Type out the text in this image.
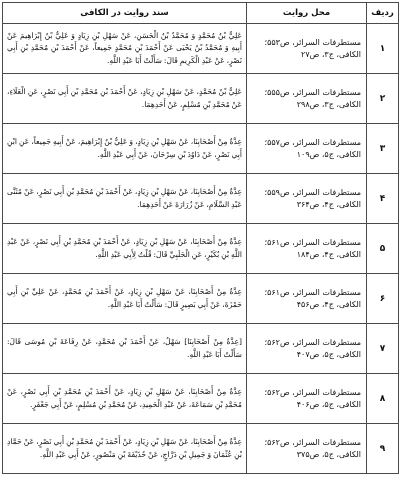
ردیف	محل روایت	سند روایت در الکافی
۱	مستطرفات السرائر، ص۵۵۳؛
الکافی، ج۳، ص۲۷	عَلِيُّ بْنُ مُحَمَّدٍ وَ مُحَمَّدُ بْنُ الْحَسَنِ، عَنْ سَهْلِ بْنِ زِيَادٍ وَ عَلِيُّ بْنُ إِبْرَاهِيمَ عَنْ أَبِيهِ وَ مُحَمَّدُ بْنُ يَحْيَى عَنْ أَحْمَدَ بْنِ مُحَمَّدٍ جَمِيعاً، عَنْ أَحْمَدَ بْنِ مُحَمَّدِ بْنِ أَبِي نَصْرٍ، عَنْ عَبْدِ الْكَرِيمِ قَالَ: سَأَلْتُ أَبَا عَبْدِ اللَّهِ.
۲	مستطرفات السرائر، ص۵۵۵؛
الکافی، ج۳، ص۲۹۸	عَلِيُّ بْنُ مُحَمَّدٍ، عَنْ سَهْلِ بْنِ زِيَادٍ، عَنْ أَحْمَدَ بْنِ مُحَمَّدِ بْنِ أَبِي نَصْرٍ، عَنِ الْعَلَاءِ، عَنْ مُحَمَّدِ بْنِ مُسْلِمٍ، عَنْ أَحَدِهِمَا.
۳	مستطرفات السرائر، ص۵۵۷؛
الکافی، ج۵، ص۱۰۹	عِدَّةٌ مِنْ أَصْحَابِنَا، عَنْ سَهْلِ بْنِ زِيَادٍ، وَ عَلِيُّ بْنُ إِبْرَاهِيمَ، عَنْ أَبِيهِ جَمِيعاً، عَنِ ابْنِ أَبِي نَصْرٍ، عَنْ دَاوُدَ بْنِ سِرْحَانَ، عَنْ أَبِي عَبْدِ اللَّهِ.
۴	مستطرفات السرائر، ص۵۵۹؛
الکافی، ج۴، ص۳۶۴	عِدَّةٌ مِنْ أَصْحَابِنَا، عَنْ سَهْلِ بْنِ زِيَادٍ، عَنْ أَحْمَدَ بْنِ مُحَمَّدِ بْنِ أَبِي نَصْرٍ، عَنْ مُثَنَّى عَبْدِ السَّلَامِ، عَنْ زُرَارَةَ عَنْ أَحَدِهِمَا.
۵	مستطرفات السرائر، ص۵۶۱؛
الکافی، ج۴، ص۱۸۴	عِدَّةٌ مِنْ أَصْحَابِنَا، عَنْ سَهْلِ بْنِ زِيَادٍ، عَنْ أَحْمَدَ بْنِ مُحَمَّدِ بْنِ أَبِي نَصْرٍ، عَنْ عَبْدِ اللَّهِ بْنِ بُكَيْرٍ، عَنِ الْحَلَبِيِّ قَالَ: قُلْتُ لِأَبِي عَبْدِ اللَّهِ.
۶	مستطرفات السرائر، ص۵۶۱؛
الکافی، ج۴، ص۴۵۶	عِدَّةٌ مِنْ أَصْحَابِنَا، عَنْ سَهْلِ بْنِ زِيَادٍ، عَنْ أَحْمَدَ بْنِ مُحَمَّدٍ، عَنْ عَلِيِّ بْنِ أَبِي حَمْزَةَ، عَنْ أَبِي بَصِيرٍ قَالَ: سَأَلْتُ أَبَا عَبْدِ اللَّهِ.
۷	مستطرفات السرائر، ص۵۶۲؛
الکافی، ج۵، ص۴۰۷	[عِدَّةٌ مِنْ أَصْحَابِنَا] سَهْلٌ، عَنْ أَحْمَدَ بْنِ مُحَمَّدٍ، عَنْ رِفَاعَةَ بْنِ مُوسَى قَالَ: سَأَلْتُ أَبَا عَبْدِ اللَّهِ.
۸	مستطرفات السرائر، ص۵۶۲؛
الکافی، ج۵، ص۴۰۶	عِدَّةٌ مِنْ أَصْحَابِنَا، عَنْ سَهْلِ بْنِ زِيَادٍ، عَنْ أَحْمَدَ بْنِ مُحَمَّدِ بْنِ أَبِي نَصْرٍ، عَنْ مُحَمَّدِ بْنِ سَمَاعَةَ، عَنْ عَبْدِ الْحَمِيدِ، عَنْ مُحَمَّدِ بْنِ مُسْلِمٍ، عَنْ أَبِي جَعْفَرٍ.
۹	مستطرفات السرائر، ص۵۶۲؛
الکافی، ج۵، ص۳۷۵	عِدَّةٌ مِنْ أَصْحَابِنَا، عَنْ سَهْلِ بْنِ زِيَادٍ، عَنْ أَحْمَدَ بْنِ مُحَمَّدِ بْنِ أَبِي نَصْرٍ، عَنْ حَمَّادِ بْنِ عُثْمَانَ وَ جَمِيلِ بْنِ دَرَّاجٍ، عَنْ حُذَيْفَةَ بْنِ مَنْصُورٍ، عَنْ أَبِي عَبْدِ اللَّهِ.
